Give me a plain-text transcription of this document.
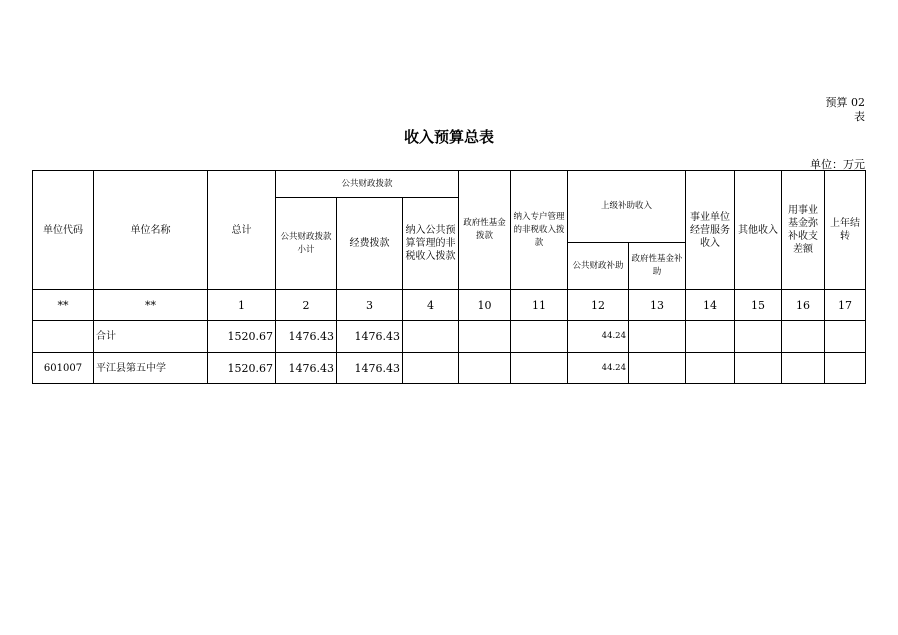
预算 02
表
收入预算总表
单位：万元
单位代码	单位名称	总计	公共财政拨款			政府性基金拨款	纳入专户管理的非税收入拨款	上级补助收入		事业单位经营服务收入	其他收入	用事业基金弥补收支差额	上年结转
			公共财政拨款小计	经费拨款	纳入公共预算管理的非税收入拨款								
								公共财政补助	政府性基金补助				
**	**	1	2	3	4	10	11	12	13	14	15	16	17
	合计	1520.67	1476.43	1476.43				44.24					
601007	平江县第五中学	1520.67	1476.43	1476.43				44.24					
